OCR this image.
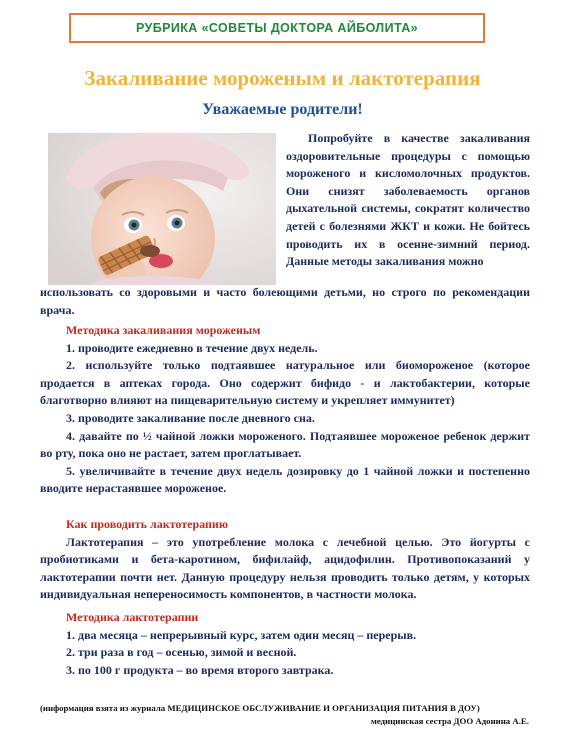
РУБРИКА «СОВЕТЫ ДОКТОРА АЙБОЛИТА»
Закаливание мороженым и лактотерапия
Уважаемые родители!
Попробуйте в качестве закаливания оздоровительные процедуры с помощью мороженого и кисломолочных продуктов. Они снизят заболеваемость органов дыхательной системы, сократят количество детей с болезнями ЖКТ и кожи. Не бойтесь проводить их в осенне-зимний период. Данные методы закаливания можно
использовать со здоровыми и часто болеющими детьми, но строго по рекомендации врача.
Методика закаливания мороженым

1. проводите ежедневно в течение двух недель.

2. используйте только подтаявшее натуральное или биомороженое (которое продается в аптеках города. Оно содержит бифидо - и лактобактерии, которые благотворно влияют на пищеварительную систему и укрепляет иммунитет)

3. проводите закаливание после дневного сна.

4. давайте по ½ чайной ложки мороженого. Подтаявшее мороженое ребенок держит во рту, пока оно не растает, затем проглатывает.

5. увеличивайте в течение двух недель дозировку до 1 чайной ложки и постепенно вводите нерастаявшее мороженое.

Как проводить лактотерапию

Лактотерапия – это употребление молока с лечебной целью. Это йогурты с пробиотиками и бета-каротином, бифилайф, ацидофилин. Противопоказаний у лактотерапии почти нет. Данную процедуру нельзя проводить только детям, у которых индивидуальная непереносимость компонентов, в частности молока.

Методика лактотерапии

1. два месяца – непрерывный курс, затем один месяц – перерыв.

2. три раза в год – осенью, зимой и весной.

3. по 100 г продукта – во время второго завтрака.

(информация взята из журнала МЕДИЦИНСКОЕ ОБСЛУЖИВАНИЕ И ОРГАНИЗАЦИЯ ПИТАНИЯ В ДОУ)
медицинская сестра ДОО Адонина А.Е.
